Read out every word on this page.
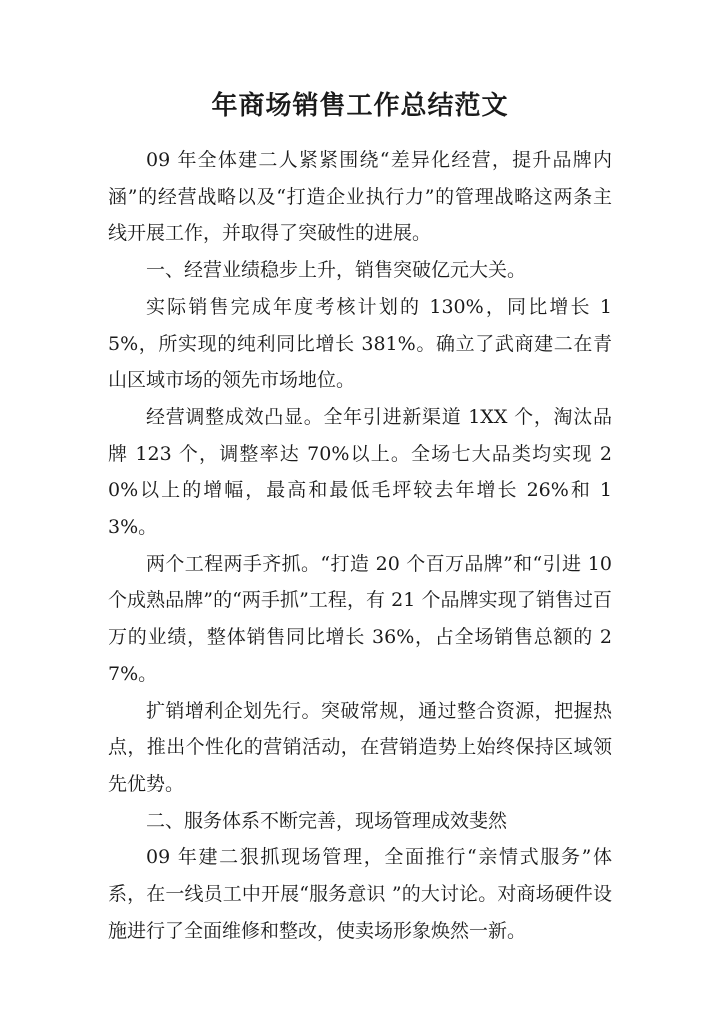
年商场销售工作总结范文

09 年全体建二人紧紧围绕“差异化经营，提升品牌内涵”的经营战略以及“打造企业执行力”的管理战略这两条主线开展工作，并取得了突破性的进展。

一、经营业绩稳步上升，销售突破亿元大关。

实际销售完成年度考核计划的 130%，同比增长 15%，所实现的纯利同比增长 381%。确立了武商建二在青山区域市场的领先市场地位。

经营调整成效凸显。全年引进新渠道 1XX 个，淘汰品牌 123 个，调整率达 70%以上。全场七大品类均实现 20%以上的增幅，最高和最低毛坪较去年增长 26%和 13%。

两个工程两手齐抓。“打造 20 个百万品牌”和“引进 10 个成熟品牌”的“两手抓”工程，有 21 个品牌实现了销售过百万的业绩，整体销售同比增长 36%，占全场销售总额的 27%。

扩销增利企划先行。突破常规，通过整合资源，把握热点，推出个性化的营销活动，在营销造势上始终保持区域领先优势。

二、服务体系不断完善，现场管理成效斐然

09 年建二狠抓现场管理，全面推行“亲情式服务”体系，在一线员工中开展“服务意识 ”的大讨论。对商场硬件设施进行了全面维修和整改，使卖场形象焕然一新。
